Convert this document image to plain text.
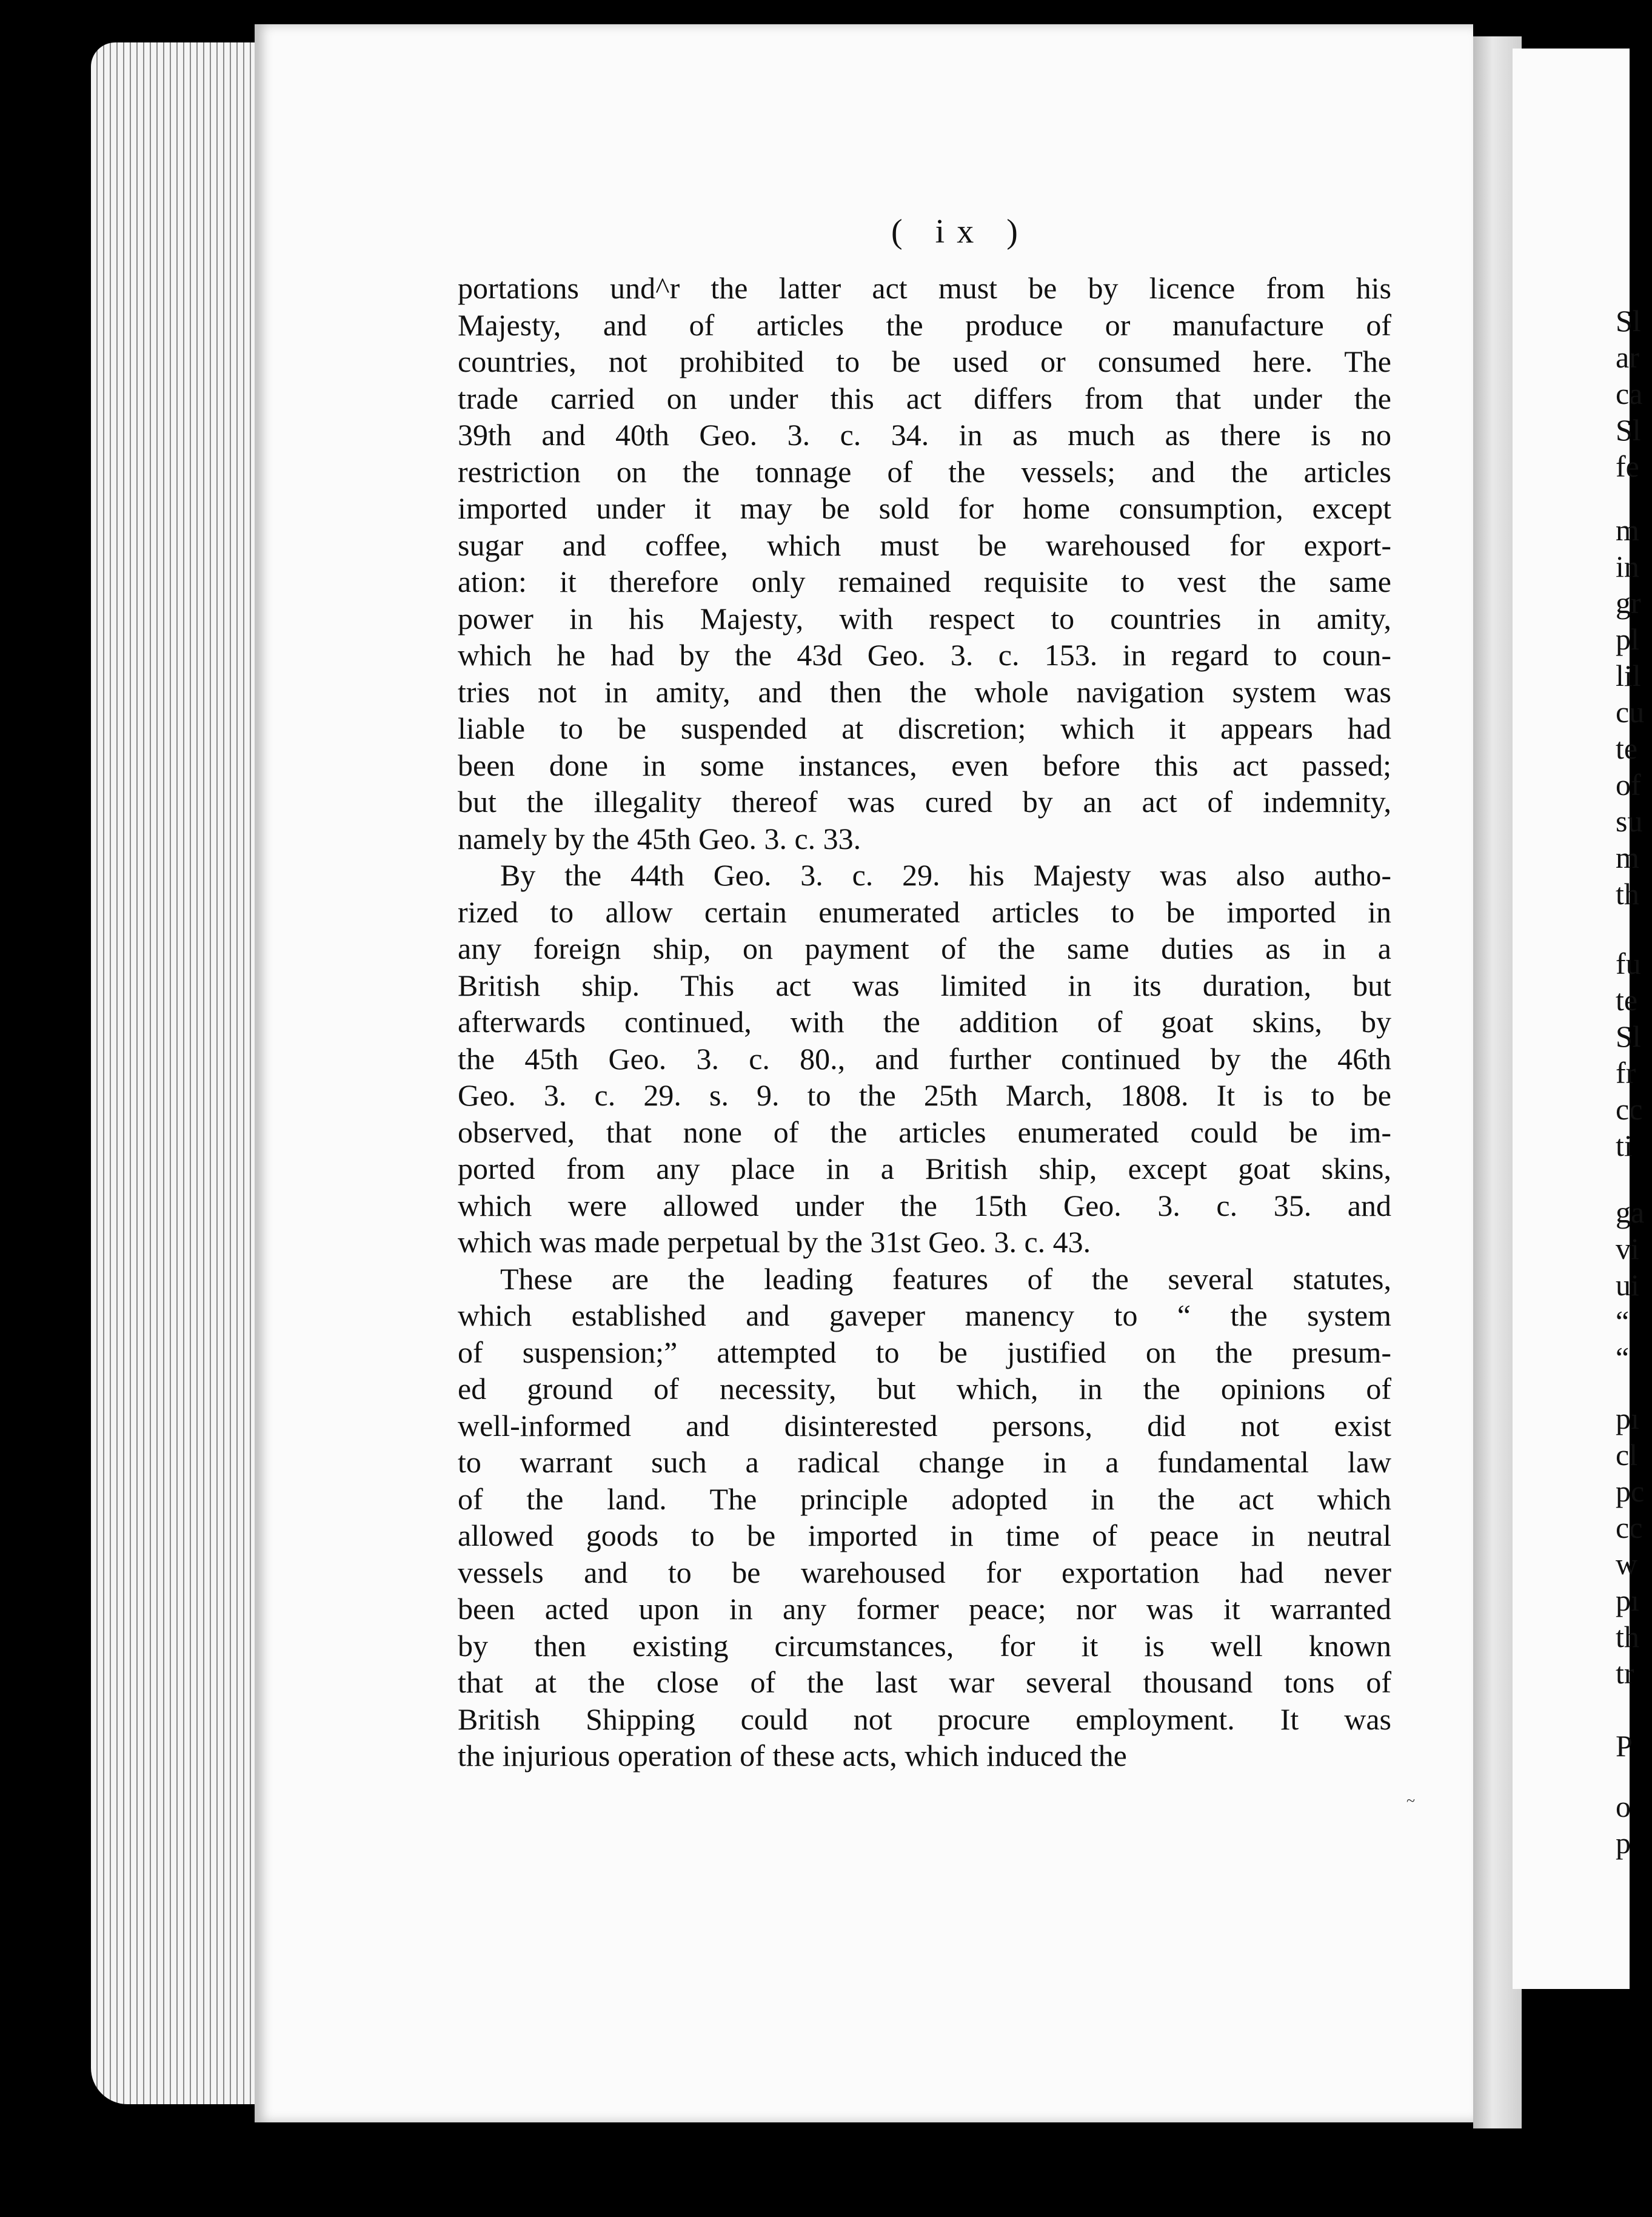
( ix )
portations und^r the latter act must be by licence from his
Majesty, and of articles the produce or manufacture of
countries, not prohibited to be used or consumed here. The
trade carried on under this act differs from that under the
39th and 40th Geo. 3. c. 34. in as much as there is no
restriction on the tonnage of the vessels; and the articles
imported under it may be sold for home consumption, except
sugar and coffee, which must be warehoused for export-
ation: it therefore only remained requisite to vest the same
power in his Majesty, with respect to countries in amity,
which he had by the 43d Geo. 3. c. 153. in regard to coun-
tries not in amity, and then the whole navigation system was
liable to be suspended at discretion; which it appears had
been done in some instances, even before this act passed;
but the illegality thereof was cured by an act of indemnity,
namely by the 45th Geo. 3. c. 33.
By the 44th Geo. 3. c. 29. his Majesty was also autho-
rized to allow certain enumerated articles to be imported in
any foreign ship, on payment of the same duties as in a
British ship. This act was limited in its duration, but
afterwards continued, with the addition of goat skins, by
the 45th Geo. 3. c. 80., and further continued by the 46th
Geo. 3. c. 29. s. 9. to the 25th March, 1808. It is to be
observed, that none of the articles enumerated could be im-
ported from any place in a British ship, except goat skins,
which were allowed under the 15th Geo. 3. c. 35. and
which was made perpetual by the 31st Geo. 3. c. 43.
These are the leading features of the several statutes,
which established and gaveper manency to “ the system
of suspension;” attempted to be justified on the presum-
ed ground of necessity, but which, in the opinions of
well-informed and disinterested persons, did not exist
to warrant such a radical change in a fundamental law
of the land. The principle adopted in the act which
allowed goods to be imported in time of peace in neutral
vessels and to be warehoused for exportation had never
been acted upon in any former peace; nor was it warranted
by then existing circumstances, for it is well known
that at the close of the last war several thousand tons of
British Shipping could not procure employment. It was
the injurious operation of these acts, which induced the
Sl
ar
ca
Sl
fe
m
in
gr
pl
lil
cu
te
of
su
m
th
fu
te
Sl
fr
cc
ti
ga
vi
ui
“
“
pı
cl
pc
cc
w
pı
th
tr
P
o
p
~
